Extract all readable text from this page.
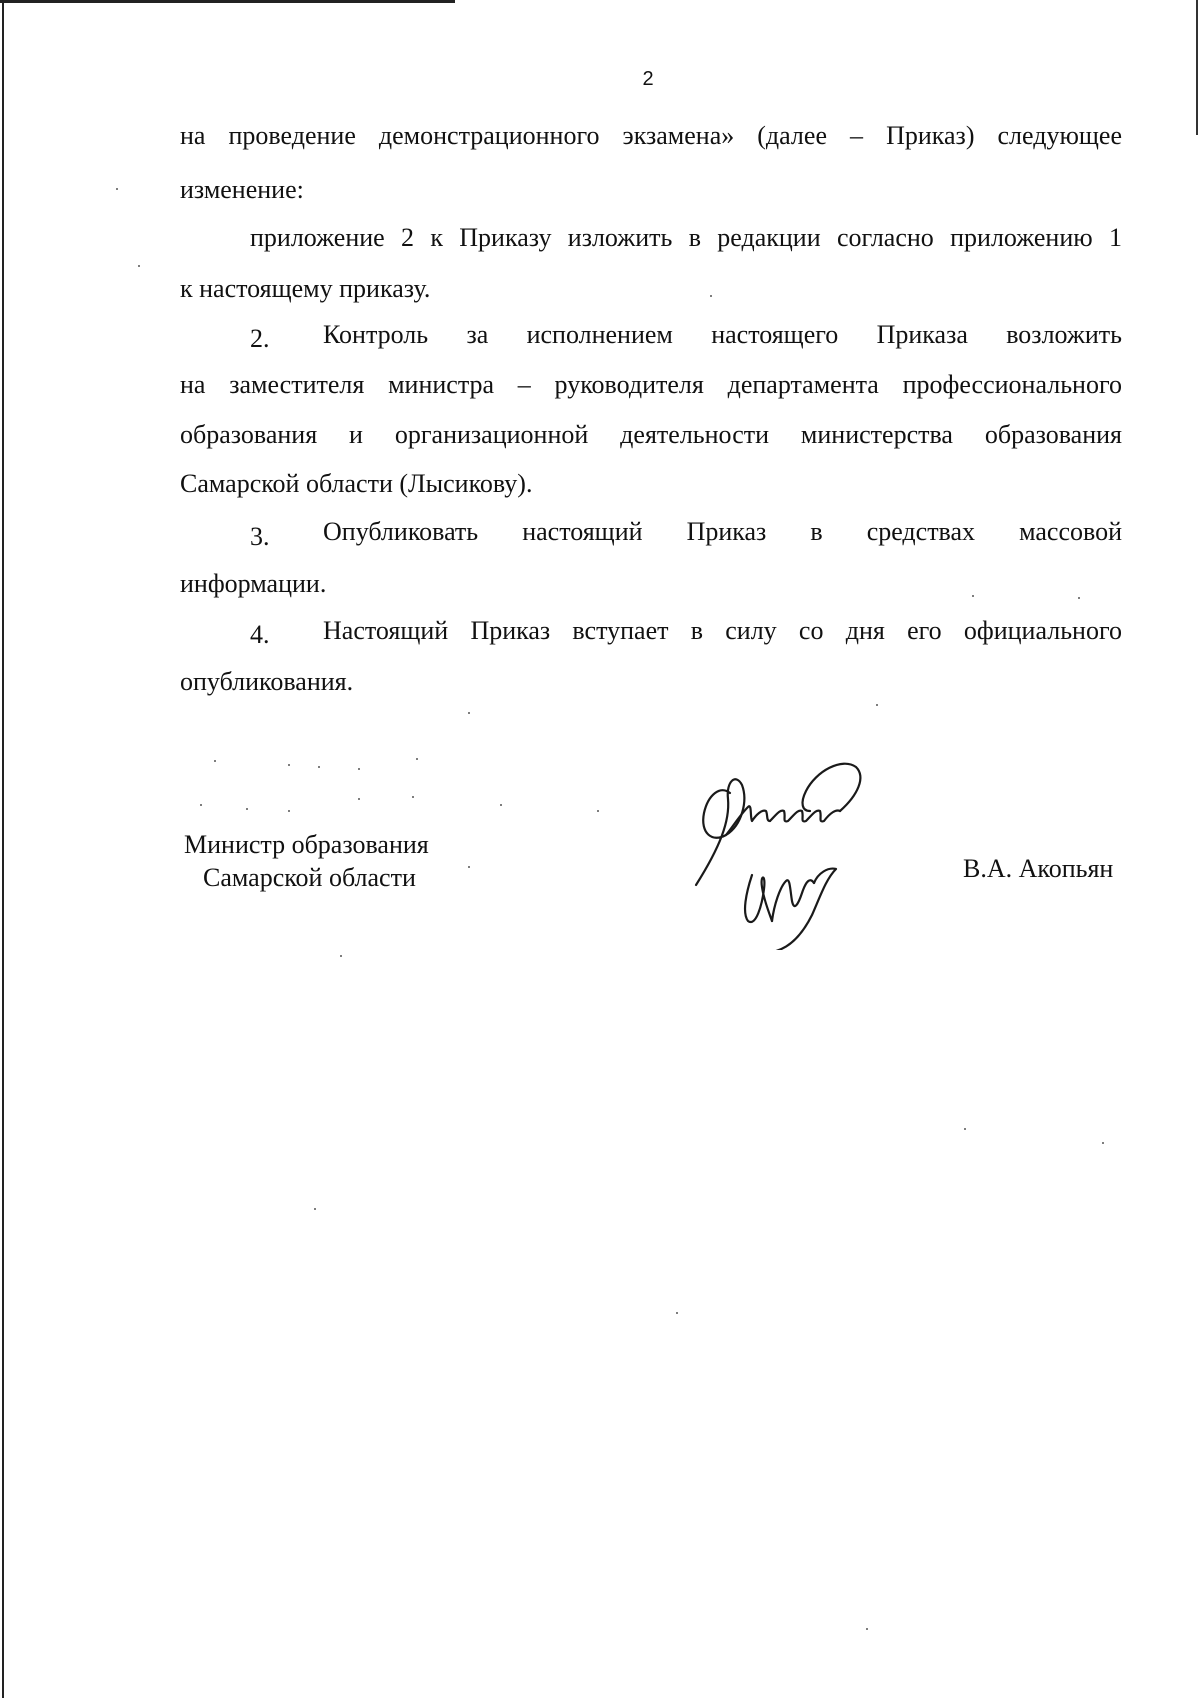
2
на проведение демонстрационного экзамена» (далее – Приказ) следующее
изменение:
приложение 2 к Приказу изложить в редакции согласно приложению 1
к настоящему приказу.
2. Контроль за исполнением настоящего Приказа возложить
на заместителя министра – руководителя департамента профессионального
образования и организационной деятельности министерства образования
Самарской области (Лысикову).
3. Опубликовать настоящий Приказ в средствах массовой
информации.
4. Настоящий Приказ вступает в силу со дня его официального
опубликования.
Министр образования
Самарской области	В.А. Акопьян
